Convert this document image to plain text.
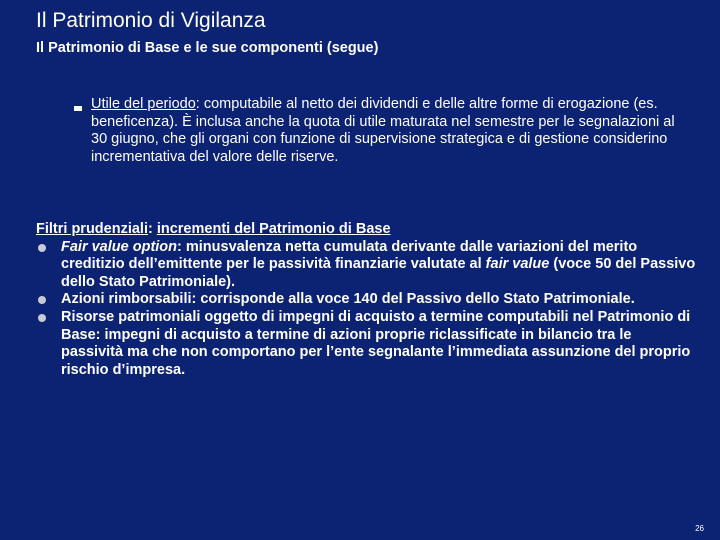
Il Patrimonio di Vigilanza
Il Patrimonio di Base e le sue componenti (segue)
Utile del periodo: computabile al netto dei dividendi e delle altre forme di erogazione (es. beneficenza). È inclusa anche la quota di utile maturata nel semestre per le segnalazioni al 30 giugno, che gli organi con funzione di supervisione strategica e di gestione considerino incrementativa del valore delle riserve.
Filtri prudenziali: incrementi del Patrimonio di Base
Fair value option: minusvalenza netta cumulata derivante dalle variazioni del merito creditizio dell’emittente per le passività finanziarie valutate al fair value (voce 50 del Passivo dello Stato Patrimoniale).
Azioni rimborsabili: corrisponde alla voce 140 del Passivo dello Stato Patrimoniale.
Risorse patrimoniali oggetto di impegni di acquisto a termine computabili nel Patrimonio di Base: impegni di acquisto a termine di azioni proprie riclassificate in bilancio tra le passività ma che non comportano per l’ente segnalante l’immediata assunzione del proprio rischio d’impresa.
26
